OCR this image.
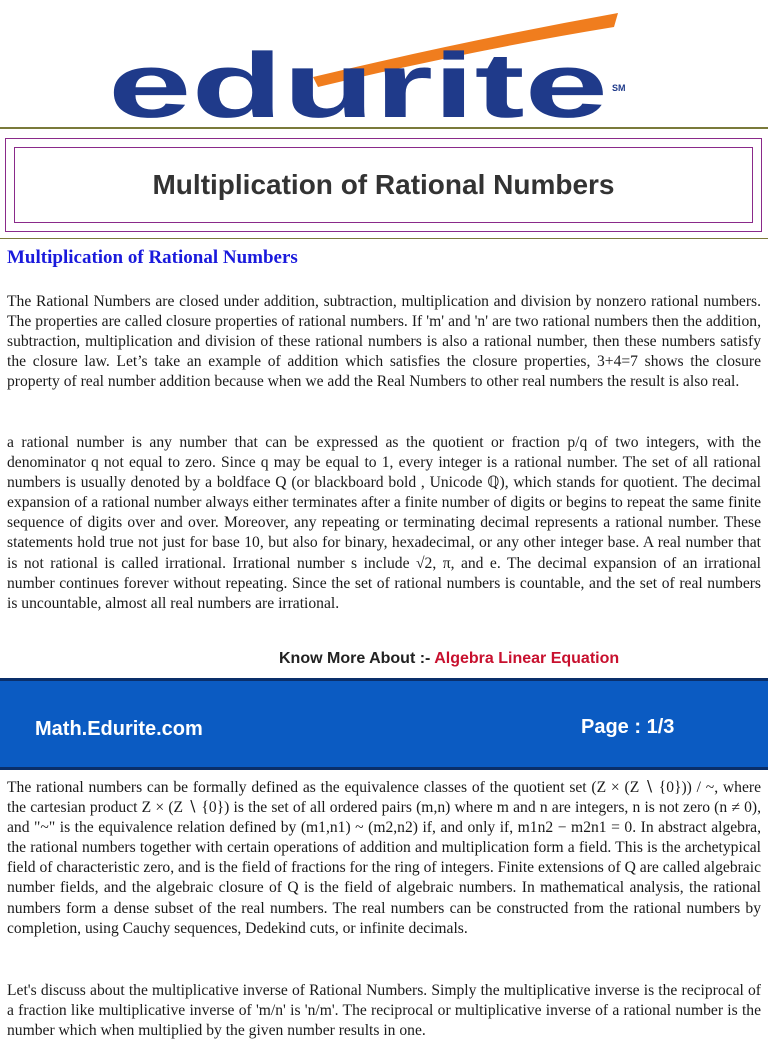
edurite SM
Multiplication of Rational Numbers
Multiplication of Rational Numbers

The Rational Numbers are closed under addition, subtraction, multiplication and division by nonzero rational numbers. The properties are called closure properties of rational numbers. If 'm' and 'n' are two rational numbers then the addition, subtraction, multiplication and division of these rational numbers is also a rational number, then these numbers satisfy the closure law. Let’s take an example of addition which satisfies the closure properties, 3+4=7 shows the closure property of real number addition because when we add the Real Numbers to other real numbers the result is also real.

a rational number is any number that can be expressed as the quotient or fraction p/q of two integers, with the denominator q not equal to zero. Since q may be equal to 1, every integer is a rational number. The set of all rational numbers is usually denoted by a boldface Q (or blackboard bold , Unicode ℚ), which stands for quotient. The decimal expansion of a rational number always either terminates after a finite number of digits or begins to repeat the same finite sequence of digits over and over. Moreover, any repeating or terminating decimal represents a rational number. These statements hold true not just for base 10, but also for binary, hexadecimal, or any other integer base. A real number that is not rational is called irrational. Irrational number s include √2, π, and e. The decimal expansion of an irrational number continues forever without repeating. Since the set of rational numbers is countable, and the set of real numbers is uncountable, almost all real numbers are irrational.

Know More About :- Algebra Linear Equation
Math.Edurite.com	Page : 1/3

The rational numbers can be formally defined as the equivalence classes of the quotient set (Z × (Z ∖ {0})) / ~, where the cartesian product Z × (Z ∖ {0}) is the set of all ordered pairs (m,n) where m and n are integers, n is not zero (n ≠ 0), and "~" is the equivalence relation defined by (m1,n1) ~ (m2,n2) if, and only if, m1n2 − m2n1 = 0. In abstract algebra, the rational numbers together with certain operations of addition and multiplication form a field. This is the archetypical field of characteristic zero, and is the field of fractions for the ring of integers. Finite extensions of Q are called algebraic number fields, and the algebraic closure of Q is the field of algebraic numbers. In mathematical analysis, the rational numbers form a dense subset of the real numbers. The real numbers can be constructed from the rational numbers by completion, using Cauchy sequences, Dedekind cuts, or infinite decimals.

Let's discuss about the multiplicative inverse of Rational Numbers. Simply the multiplicative inverse is the reciprocal of a fraction like multiplicative inverse of 'm/n' is 'n/m'. The reciprocal or multiplicative inverse of a rational number is the number which when multiplied by the given number results in one.
